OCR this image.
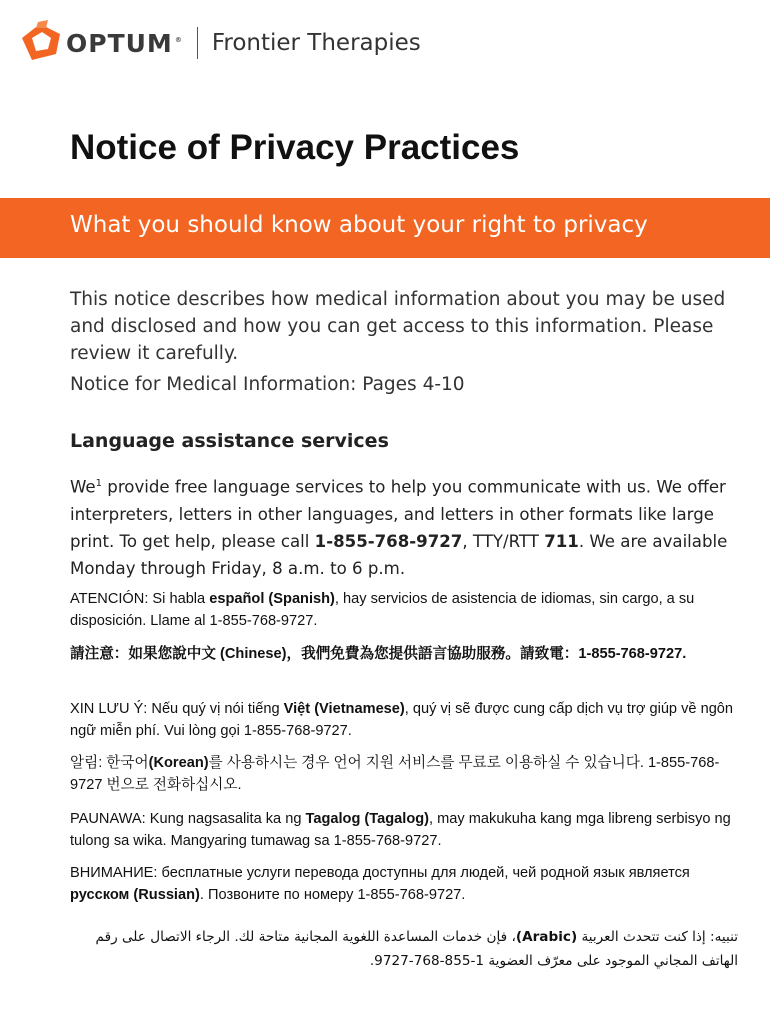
OPTUM ® Frontier Therapies
Notice of Privacy Practices
What you should know about your right to privacy

This notice describes how medical information about you may be used and disclosed and how you can get access to this information. Please review it carefully.

Notice for Medical Information: Pages 4-10

Language assistance services

We$^1$ provide free language services to help you communicate with us. We offer interpreters, letters in other languages, and letters in other formats like large print. To get help, please call 1-855-768-9727, TTY/RTT 711. We are available Monday through Friday, 8 a.m. to 6 p.m.

ATENCIÓN: Si habla español (Spanish), hay servicios de asistencia de idiomas, sin cargo, a su disposición. Llame al 1-855-768-9727.

請注意：如果您說中文 (Chinese)，我們免費為您提供語言協助服務。請致電：1-855-768-9727.

XIN LƯU Ý: Nếu quý vị nói tiếng Việt (Vietnamese), quý vị sẽ được cung cấp dịch vụ trợ giúp về ngôn ngữ miễn phí. Vui lòng gọi 1-855-768-9727.

알림: 한국어(Korean)를 사용하시는 경우 언어 지원 서비스를 무료로 이용하실 수 있습니다. 1-855-768-9727 번으로 전화하십시오.

PAUNAWA: Kung nagsasalita ka ng Tagalog (Tagalog), may makukuha kang mga libreng serbisyo ng tulong sa wika. Mangyaring tumawag sa 1-855-768-9727.

ВНИМАНИЕ: бесплатные услуги перевода доступны для людей, чей родной язык является русском (Russian). Позвоните по номеру 1-855-768-9727.

تنبيه: إذا كنت تتحدث العربية (Arabic)، فإن خدمات المساعدة اللغوية المجانية متاحة لك. الرجاء الاتصال على رقم الهاتف المجاني الموجود على معرّف العضوية 1-855-768-9727.
